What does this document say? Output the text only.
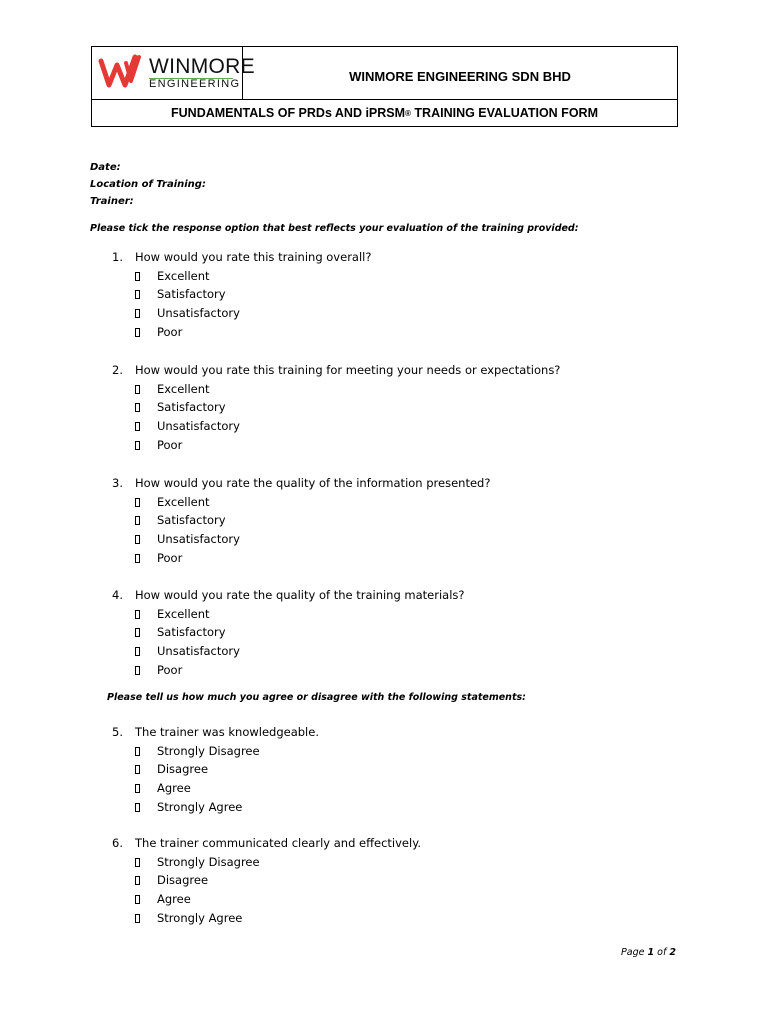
WINMORE
ENGINEERING
WINMORE ENGINEERING SDN BHD
FUNDAMENTALS OF PRDs AND iPRSM ® TRAINING EVALUATION FORM
Date:
Location of Training:
Trainer:
Please tick the response option that best reflects your evaluation of the training provided:
Please tell us how much you agree or disagree with the following statements:
1. How would you rate this training overall?
Excellent
Satisfactory
Unsatisfactory
Poor
2. How would you rate this training for meeting your needs or expectations?
Excellent
Satisfactory
Unsatisfactory
Poor
3. How would you rate the quality of the information presented?
Excellent
Satisfactory
Unsatisfactory
Poor
4. How would you rate the quality of the training materials?
Excellent
Satisfactory
Unsatisfactory
Poor
5. The trainer was knowledgeable.
Strongly Disagree
Disagree
Agree
Strongly Agree
6. The trainer communicated clearly and effectively.
Strongly Disagree
Disagree
Agree
Strongly Agree
Page 1 of 2
